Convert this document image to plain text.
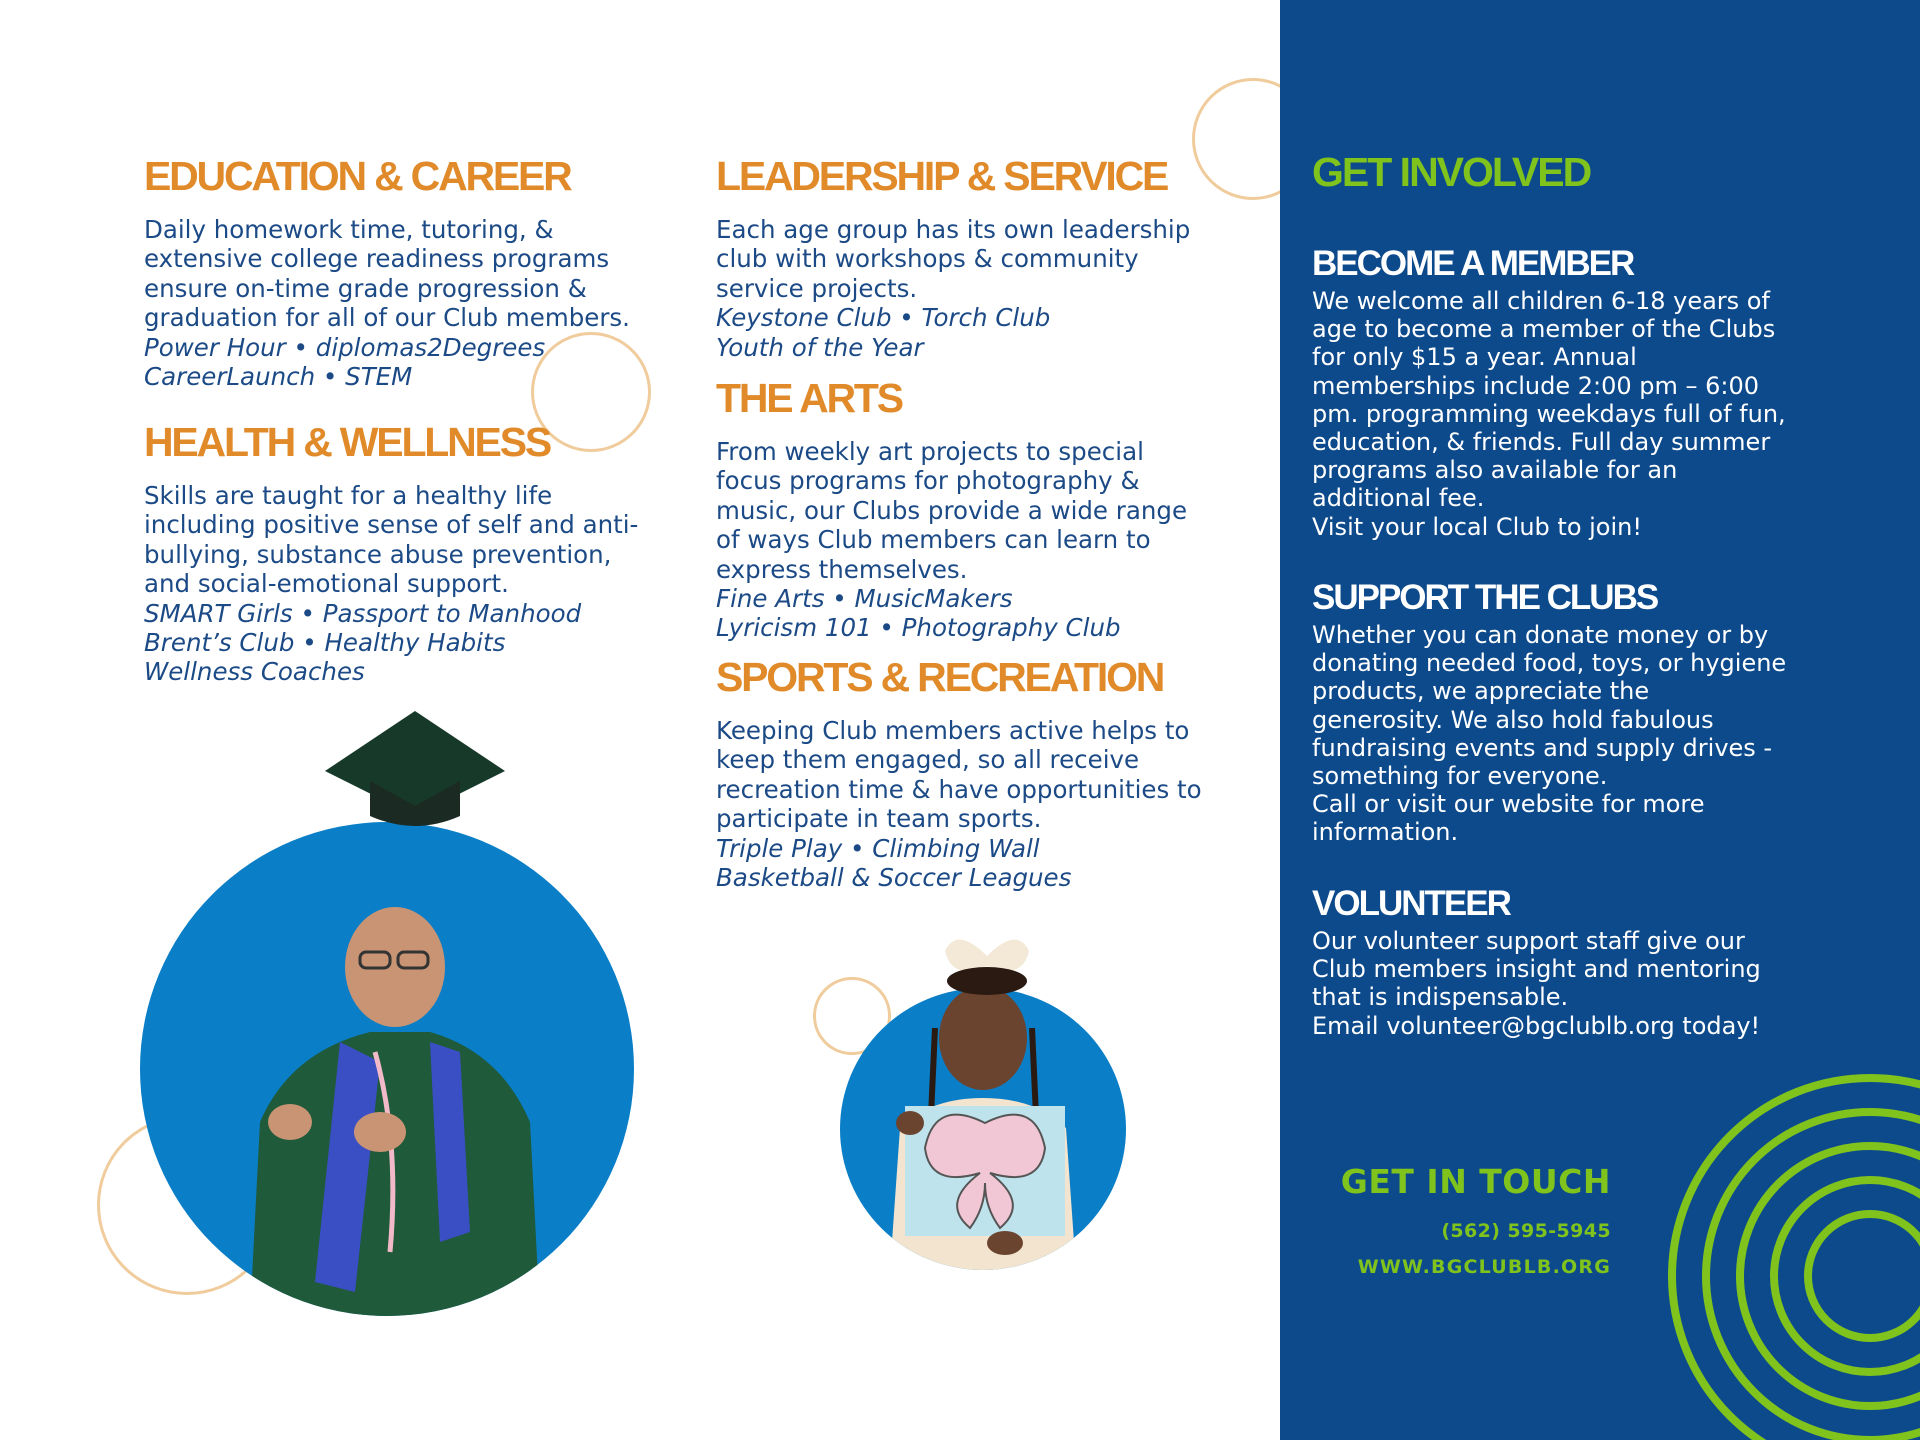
EDUCATION & CAREER

Daily homework time, tutoring, &
extensive college readiness programs
ensure on-time grade progression &
graduation for all of our Club members.
Power Hour • diplomas2Degrees
CareerLaunch • STEM

HEALTH & WELLNESS

Skills are taught for a healthy life
including positive sense of self and anti-
bullying, substance abuse prevention,
and social-emotional support.
SMART Girls • Passport to Manhood
Brent’s Club • Healthy Habits
Wellness Coaches

LEADERSHIP & SERVICE

Each age group has its own leadership
club with workshops & community
service projects.
Keystone Club • Torch Club
Youth of the Year

THE ARTS

From weekly art projects to special
focus programs for photography &
music, our Clubs provide a wide range
of ways Club members can learn to
express themselves.
Fine Arts • MusicMakers
Lyricism 101 • Photography Club

SPORTS & RECREATION

Keeping Club members active helps to
keep them engaged, so all receive
recreation time & have opportunities to
participate in team sports.
Triple Play • Climbing Wall
Basketball & Soccer Leagues

GET INVOLVED
BECOME A MEMBER

We welcome all children 6-18 years of
age to become a member of the Clubs
for only $15 a year. Annual
memberships include 2:00 pm – 6:00
pm. programming weekdays full of fun,
education, & friends. Full day summer
programs also available for an
additional fee.
Visit your local Club to join!

SUPPORT THE CLUBS

Whether you can donate money or by
donating needed food, toys, or hygiene
products, we appreciate the
generosity. We also hold fabulous
fundraising events and supply drives -
something for everyone.
Call or visit our website for more
information.

VOLUNTEER

Our volunteer support staff give our
Club members insight and mentoring
that is indispensable.
Email volunteer@bgclublb.org today!

GET IN TOUCH
(562) 595-5945
WWW.BGCLUBLB.ORG
